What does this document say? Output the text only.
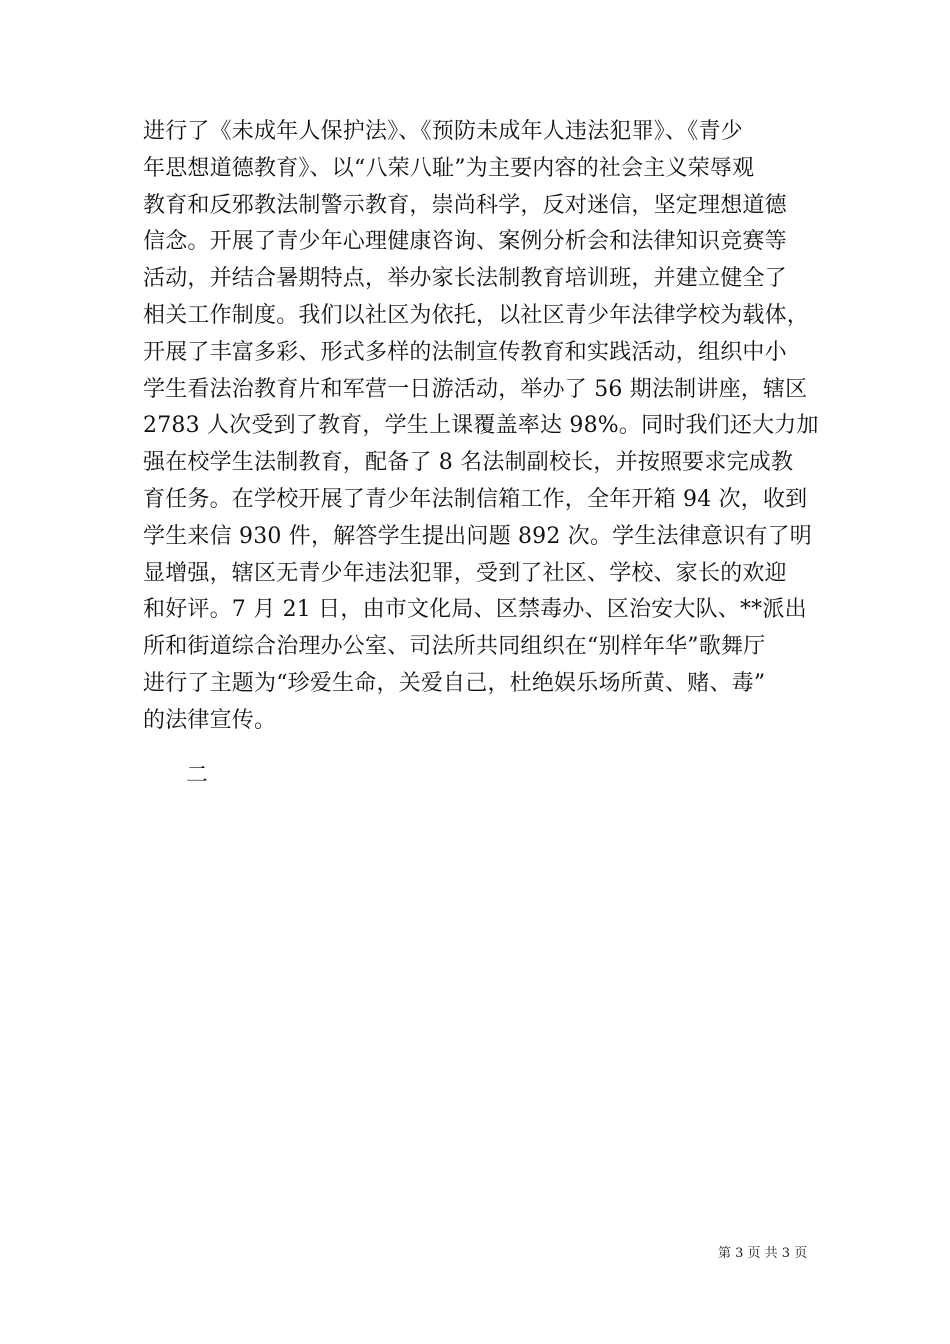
进行了《未成年人保护法》、《预防未成年人违法犯罪》、《青少
年思想道德教育》、以“八荣八耻”为主要内容的社会主义荣辱观
教育和反邪教法制警示教育，崇尚科学，反对迷信，坚定理想道德
信念。开展了青少年心理健康咨询、案例分析会和法律知识竞赛等
活动，并结合暑期特点，举办家长法制教育培训班，并建立健全了
相关工作制度。我们以社区为依托，以社区青少年法律学校为载体，
开展了丰富多彩、形式多样的法制宣传教育和实践活动，组织中小
学生看法治教育片和军营一日游活动，举办了 56 期法制讲座，辖区
2783 人次受到了教育，学生上课覆盖率达 98%。同时我们还大力加
强在校学生法制教育，配备了 8 名法制副校长，并按照要求完成教
育任务。在学校开展了青少年法制信箱工作，全年开箱 94 次，收到
学生来信 930 件，解答学生提出问题 892 次。学生法律意识有了明
显增强，辖区无青少年违法犯罪，受到了社区、学校、家长的欢迎
和好评。7 月 21 日，由市文化局、区禁毒办、区治安大队、**派出
所和街道综合治理办公室、司法所共同组织在“别样年华”歌舞厅
进行了主题为“珍爱生命，关爱自己，杜绝娱乐场所黄、赌、毒”
的法律宣传。
二
第 3 页 共 3 页
